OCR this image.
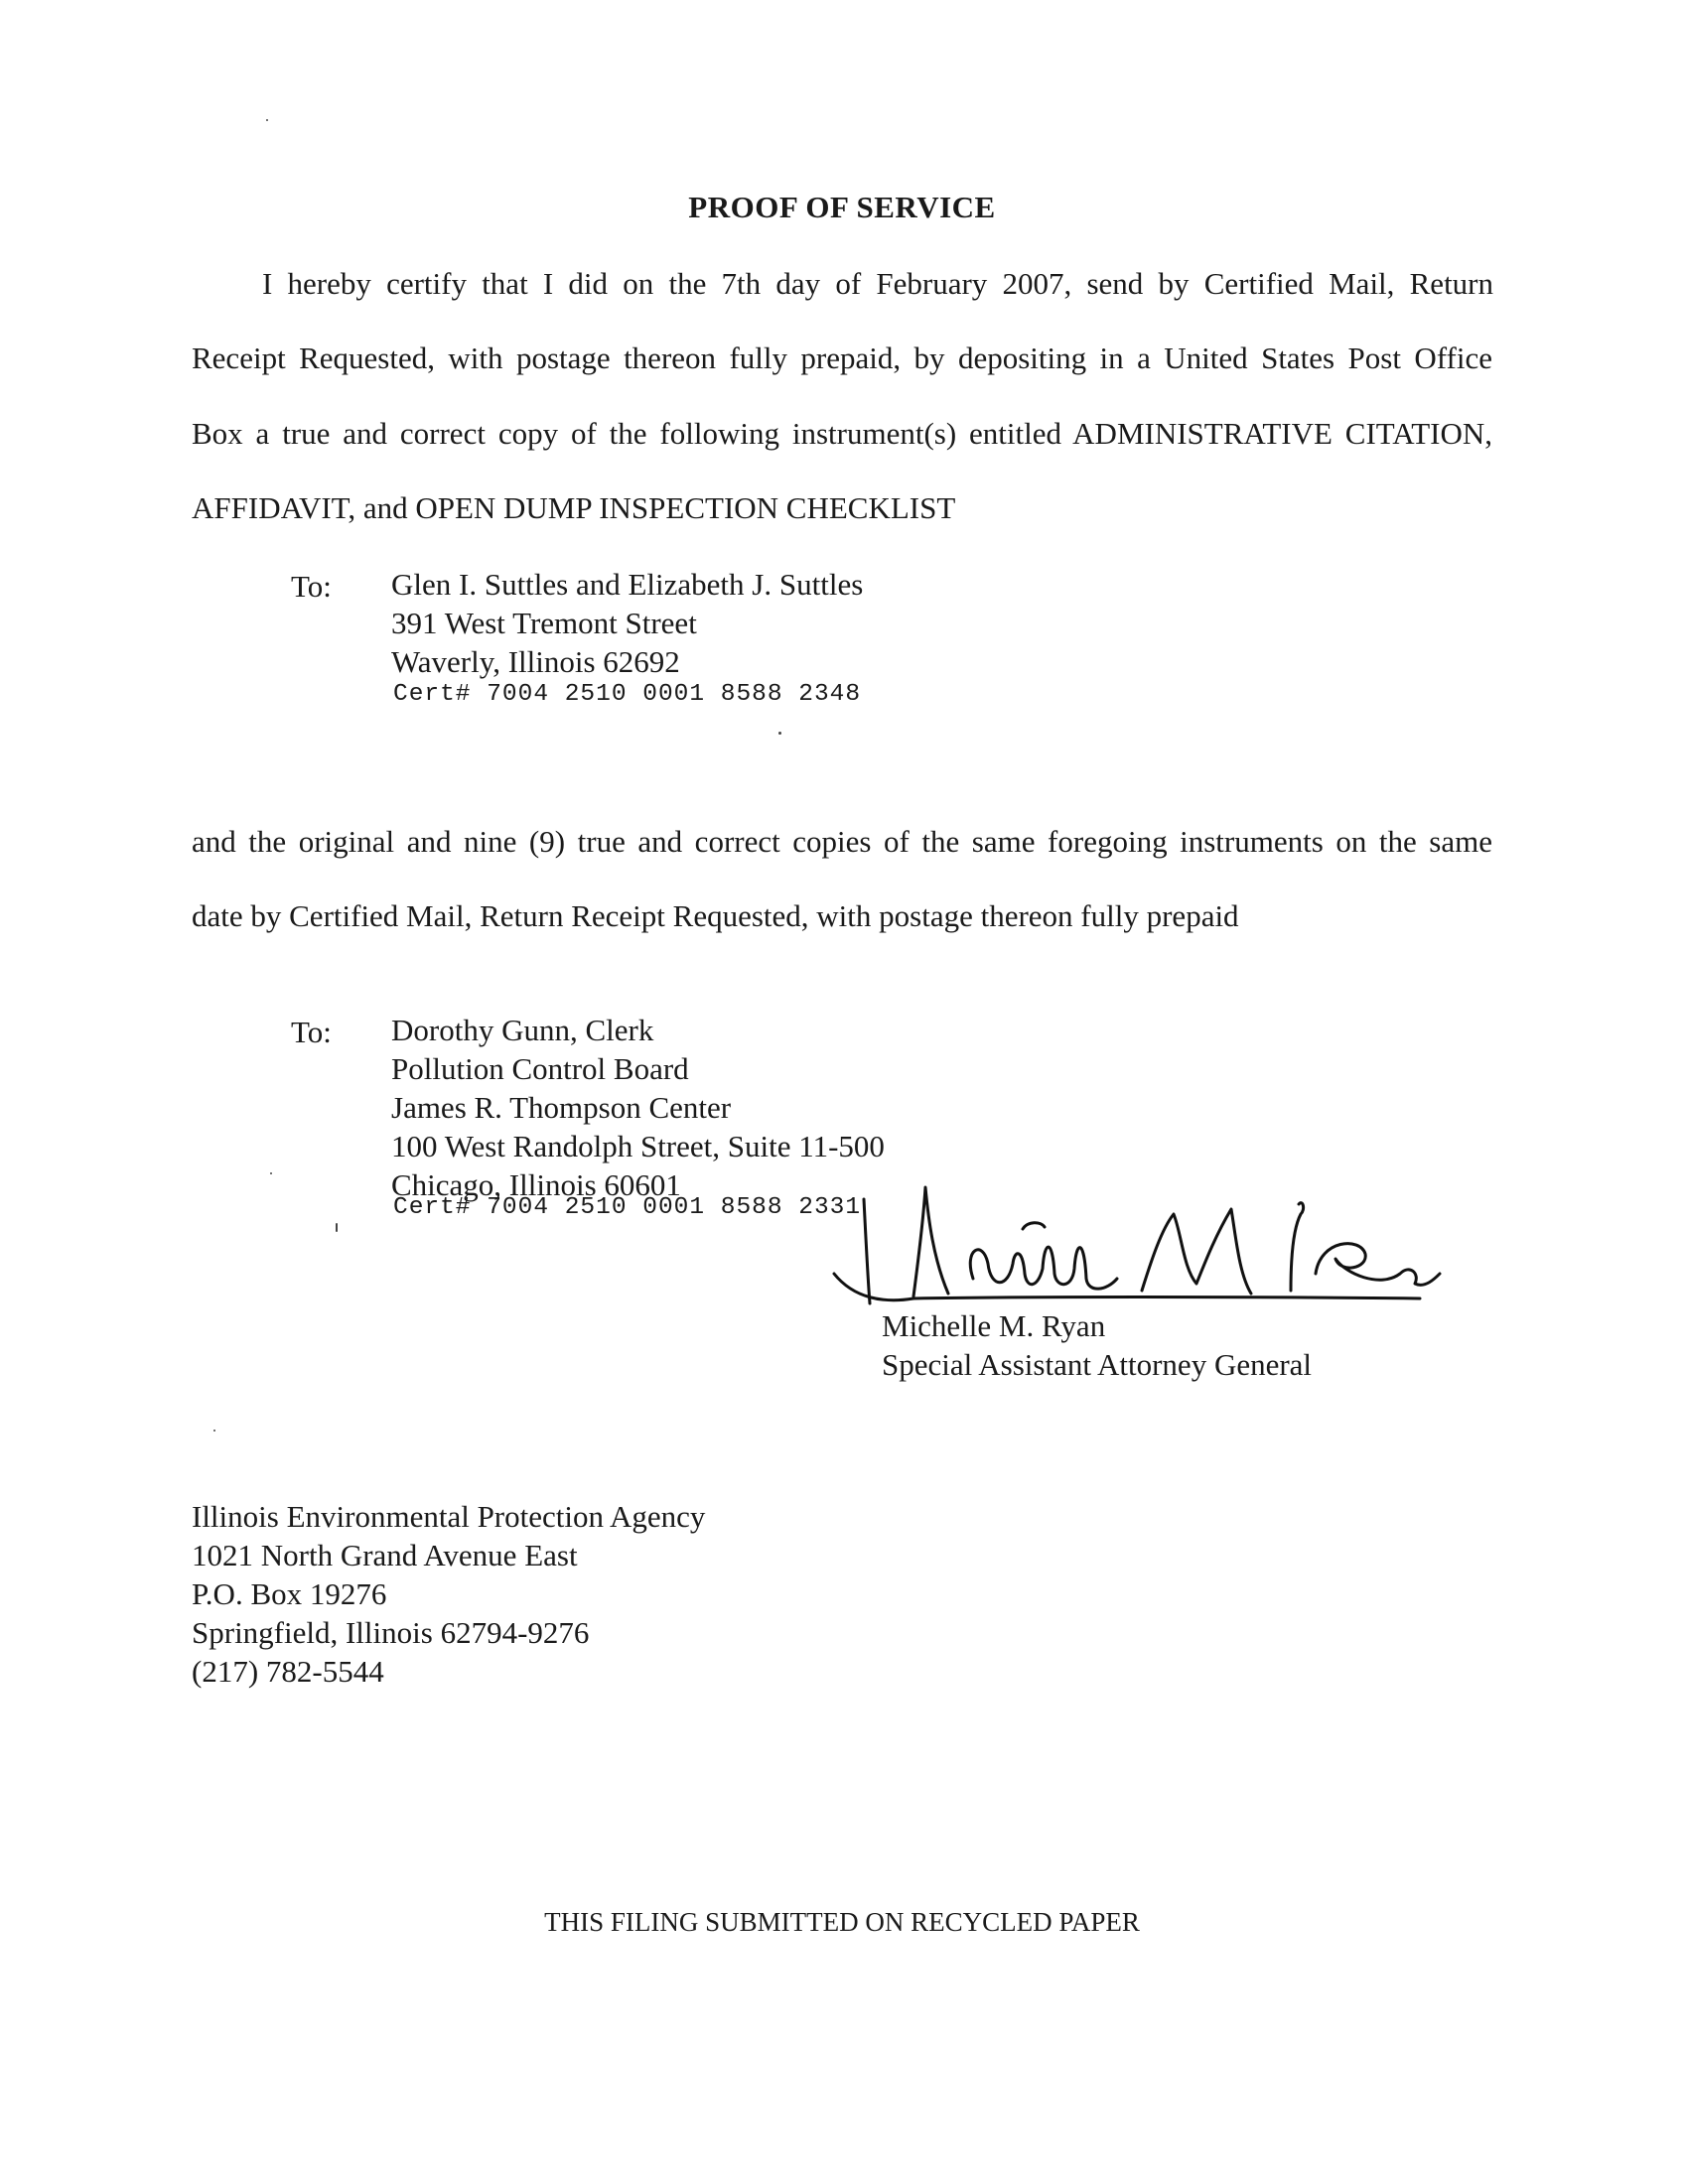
PROOF OF SERVICE
I hereby certify that I did on the 7th day of February 2007, send by Certified Mail, Return
Receipt Requested, with postage thereon fully prepaid, by depositing in a United States Post Office
Box a true and correct copy of the following instrument(s) entitled ADMINISTRATIVE CITATION,
AFFIDAVIT, and OPEN DUMP INSPECTION CHECKLIST
To: Glen I. Suttles and Elizabeth J. Suttles
391 West Tremont Street
Waverly, Illinois 62692
Cert# 7004 2510 0001 8588 2348
and the original and nine (9) true and correct copies of the same foregoing instruments on the same
date by Certified Mail, Return Receipt Requested, with postage thereon fully prepaid
To: Dorothy Gunn, Clerk
Pollution Control Board
James R. Thompson Center
100 West Randolph Street, Suite 11-500
Chicago, Illinois 60601
Cert# 7004 2510 0001 8588 2331
Michelle M. Ryan
Special Assistant Attorney General
Illinois Environmental Protection Agency
1021 North Grand Avenue East
P.O. Box 19276
Springfield, Illinois 62794-9276
(217) 782-5544
THIS FILING SUBMITTED ON RECYCLED PAPER
